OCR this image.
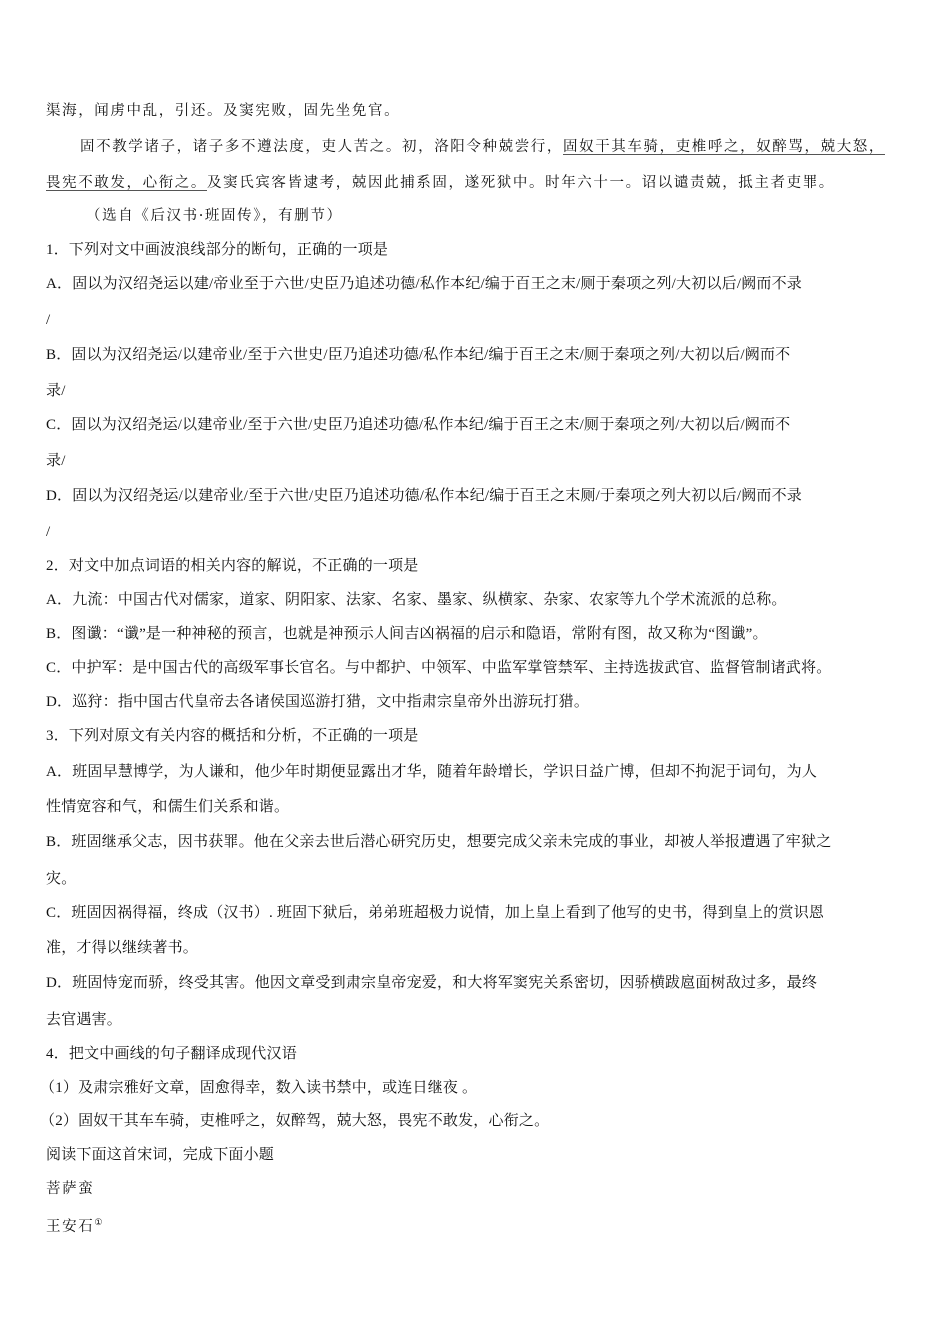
渠海，闻虏中乱，引还。及窦宪败，固先坐免官。
固不教学诸子，诸子多不遵法度，吏人苦之。初，洛阳令种兢尝行，固奴干其车骑，吏椎呼之，奴醉骂，兢大怒，
畏宪不敢发，心衔之。及窦氏宾客皆逮考，兢因此捕系固，遂死狱中。时年六十一。诏以谴责兢，抵主者吏罪。
（选自《后汉书·班固传》，有删节）
1．下列对文中画波浪线部分的断句，正确的一项是
A．固以为汉绍尧运以建/帝业至于六世/史臣乃追述功德/私作本纪/编于百王之末/厕于秦项之列/大初以后/阙而不录
/
B．固以为汉绍尧运/以建帝业/至于六世史/臣乃追述功德/私作本纪/编于百王之末/厕于秦项之列/大初以后/阙而不
录/
C．固以为汉绍尧运/以建帝业/至于六世/史臣乃追述功德/私作本纪/编于百王之末/厕于秦项之列/大初以后/阙而不
录/
D．固以为汉绍尧运/以建帝业/至于六世/史臣乃追述功德/私作本纪/编于百王之末厕/于秦项之列大初以后/阙而不录
/
2．对文中加点词语的相关内容的解说，不正确的一项是
A．九流：中国古代对儒家，道家、阴阳家、法家、名家、墨家、纵横家、杂家、农家等九个学术流派的总称。
B．图谶：“谶”是一种神秘的预言，也就是神预示人间吉凶祸福的启示和隐语，常附有图，故又称为“图谶”。
C．中护军：是中国古代的高级军事长官名。与中都护、中领军、中监军掌管禁军、主持选拔武官、监督管制诸武将。
D．巡狩：指中国古代皇帝去各诸侯国巡游打猎，文中指肃宗皇帝外出游玩打猎。
3．下列对原文有关内容的概括和分析，不正确的一项是
A．班固早慧博学，为人谦和，他少年时期便显露出才华，随着年龄增长，学识日益广博，但却不拘泥于词句，为人
性情宽容和气，和儒生们关系和谐。
B．班固继承父志，因书获罪。他在父亲去世后潜心研究历史，想要完成父亲未完成的事业，却被人举报遭遇了牢狱之
灾。
C．班固因祸得福，终成（汉书）. 班固下狱后，弟弟班超极力说情，加上皇上看到了他写的史书，得到皇上的赏识恩
准，才得以继续著书。
D．班固恃宠而骄，终受其害。他因文章受到肃宗皇帝宠爱，和大将军窦宪关系密切，因骄横跋扈面树敌过多，最终
去官遇害。
4．把文中画线的句子翻译成现代汉语
（1）及肃宗雅好文章，固愈得幸，数入读书禁中，或连日继夜 。
（2）固奴干其车车骑，吏椎呼之，奴醉驾，兢大怒，畏宪不敢发，心衔之。
阅读下面这首宋词，完成下面小题
菩萨蛮
王安石①
